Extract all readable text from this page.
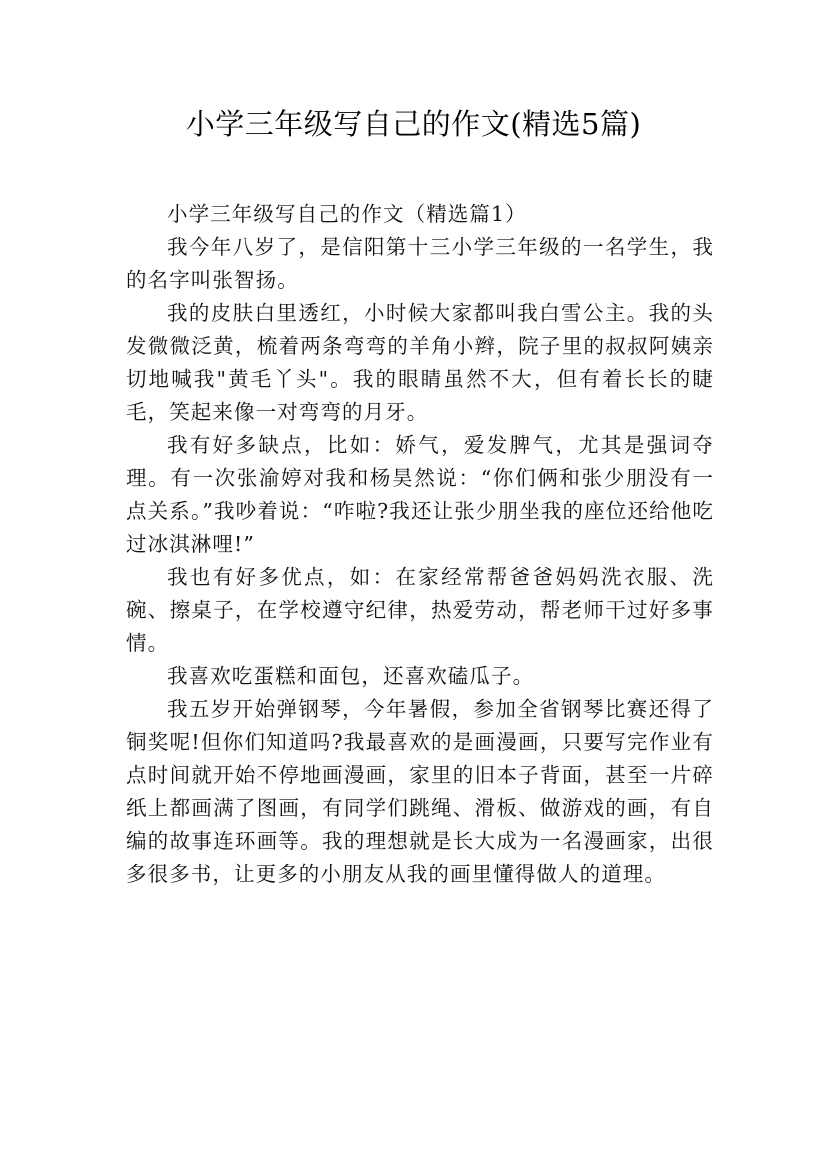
小学三年级写自己的作文(精选5篇)

小学三年级写自己的作文（精选篇1）

我今年八岁了，是信阳第十三小学三年级的一名学生，我的名字叫张智扬。

我的皮肤白里透红，小时候大家都叫我白雪公主。我的头发微微泛黄，梳着两条弯弯的羊角小辫，院子里的叔叔阿姨亲切地喊我"黄毛丫头"。我的眼睛虽然不大，但有着长长的睫毛，笑起来像一对弯弯的月牙。

我有好多缺点，比如：娇气，爱发脾气，尤其是强词夺理。有一次张渝婷对我和杨昊然说：“你们俩和张少朋没有一点关系。”我吵着说：“咋啦?我还让张少朋坐我的座位还给他吃过冰淇淋哩!”

我也有好多优点，如：在家经常帮爸爸妈妈洗衣服、洗碗、擦桌子，在学校遵守纪律，热爱劳动，帮老师干过好多事情。

我喜欢吃蛋糕和面包，还喜欢磕瓜子。

我五岁开始弹钢琴，今年暑假，参加全省钢琴比赛还得了铜奖呢!但你们知道吗?我最喜欢的是画漫画，只要写完作业有点时间就开始不停地画漫画，家里的旧本子背面，甚至一片碎纸上都画满了图画，有同学们跳绳、滑板、做游戏的画，有自编的故事连环画等。我的理想就是长大成为一名漫画家，出很多很多书，让更多的小朋友从我的画里懂得做人的道理。
